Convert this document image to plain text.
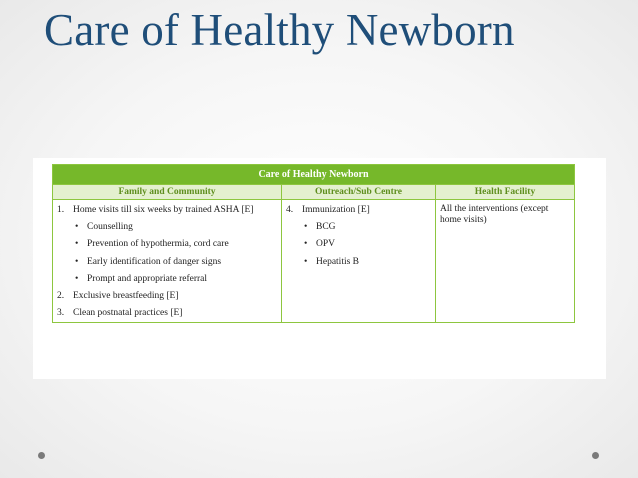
Care of Healthy Newborn
Care of Healthy Newborn
Family and Community	Outreach/Sub Centre	Health Facility
1. Home visits till six weeks by trained ASHA [E]
• Counselling
• Prevention of hypothermia, cord care
• Early identification of danger signs
• Prompt and appropriate referral
2. Exclusive breastfeeding [E]
3. Clean postnatal practices [E]
4. Immunization [E]
• BCG
• OPV
• Hepatitis B
All the interventions (except home visits)
